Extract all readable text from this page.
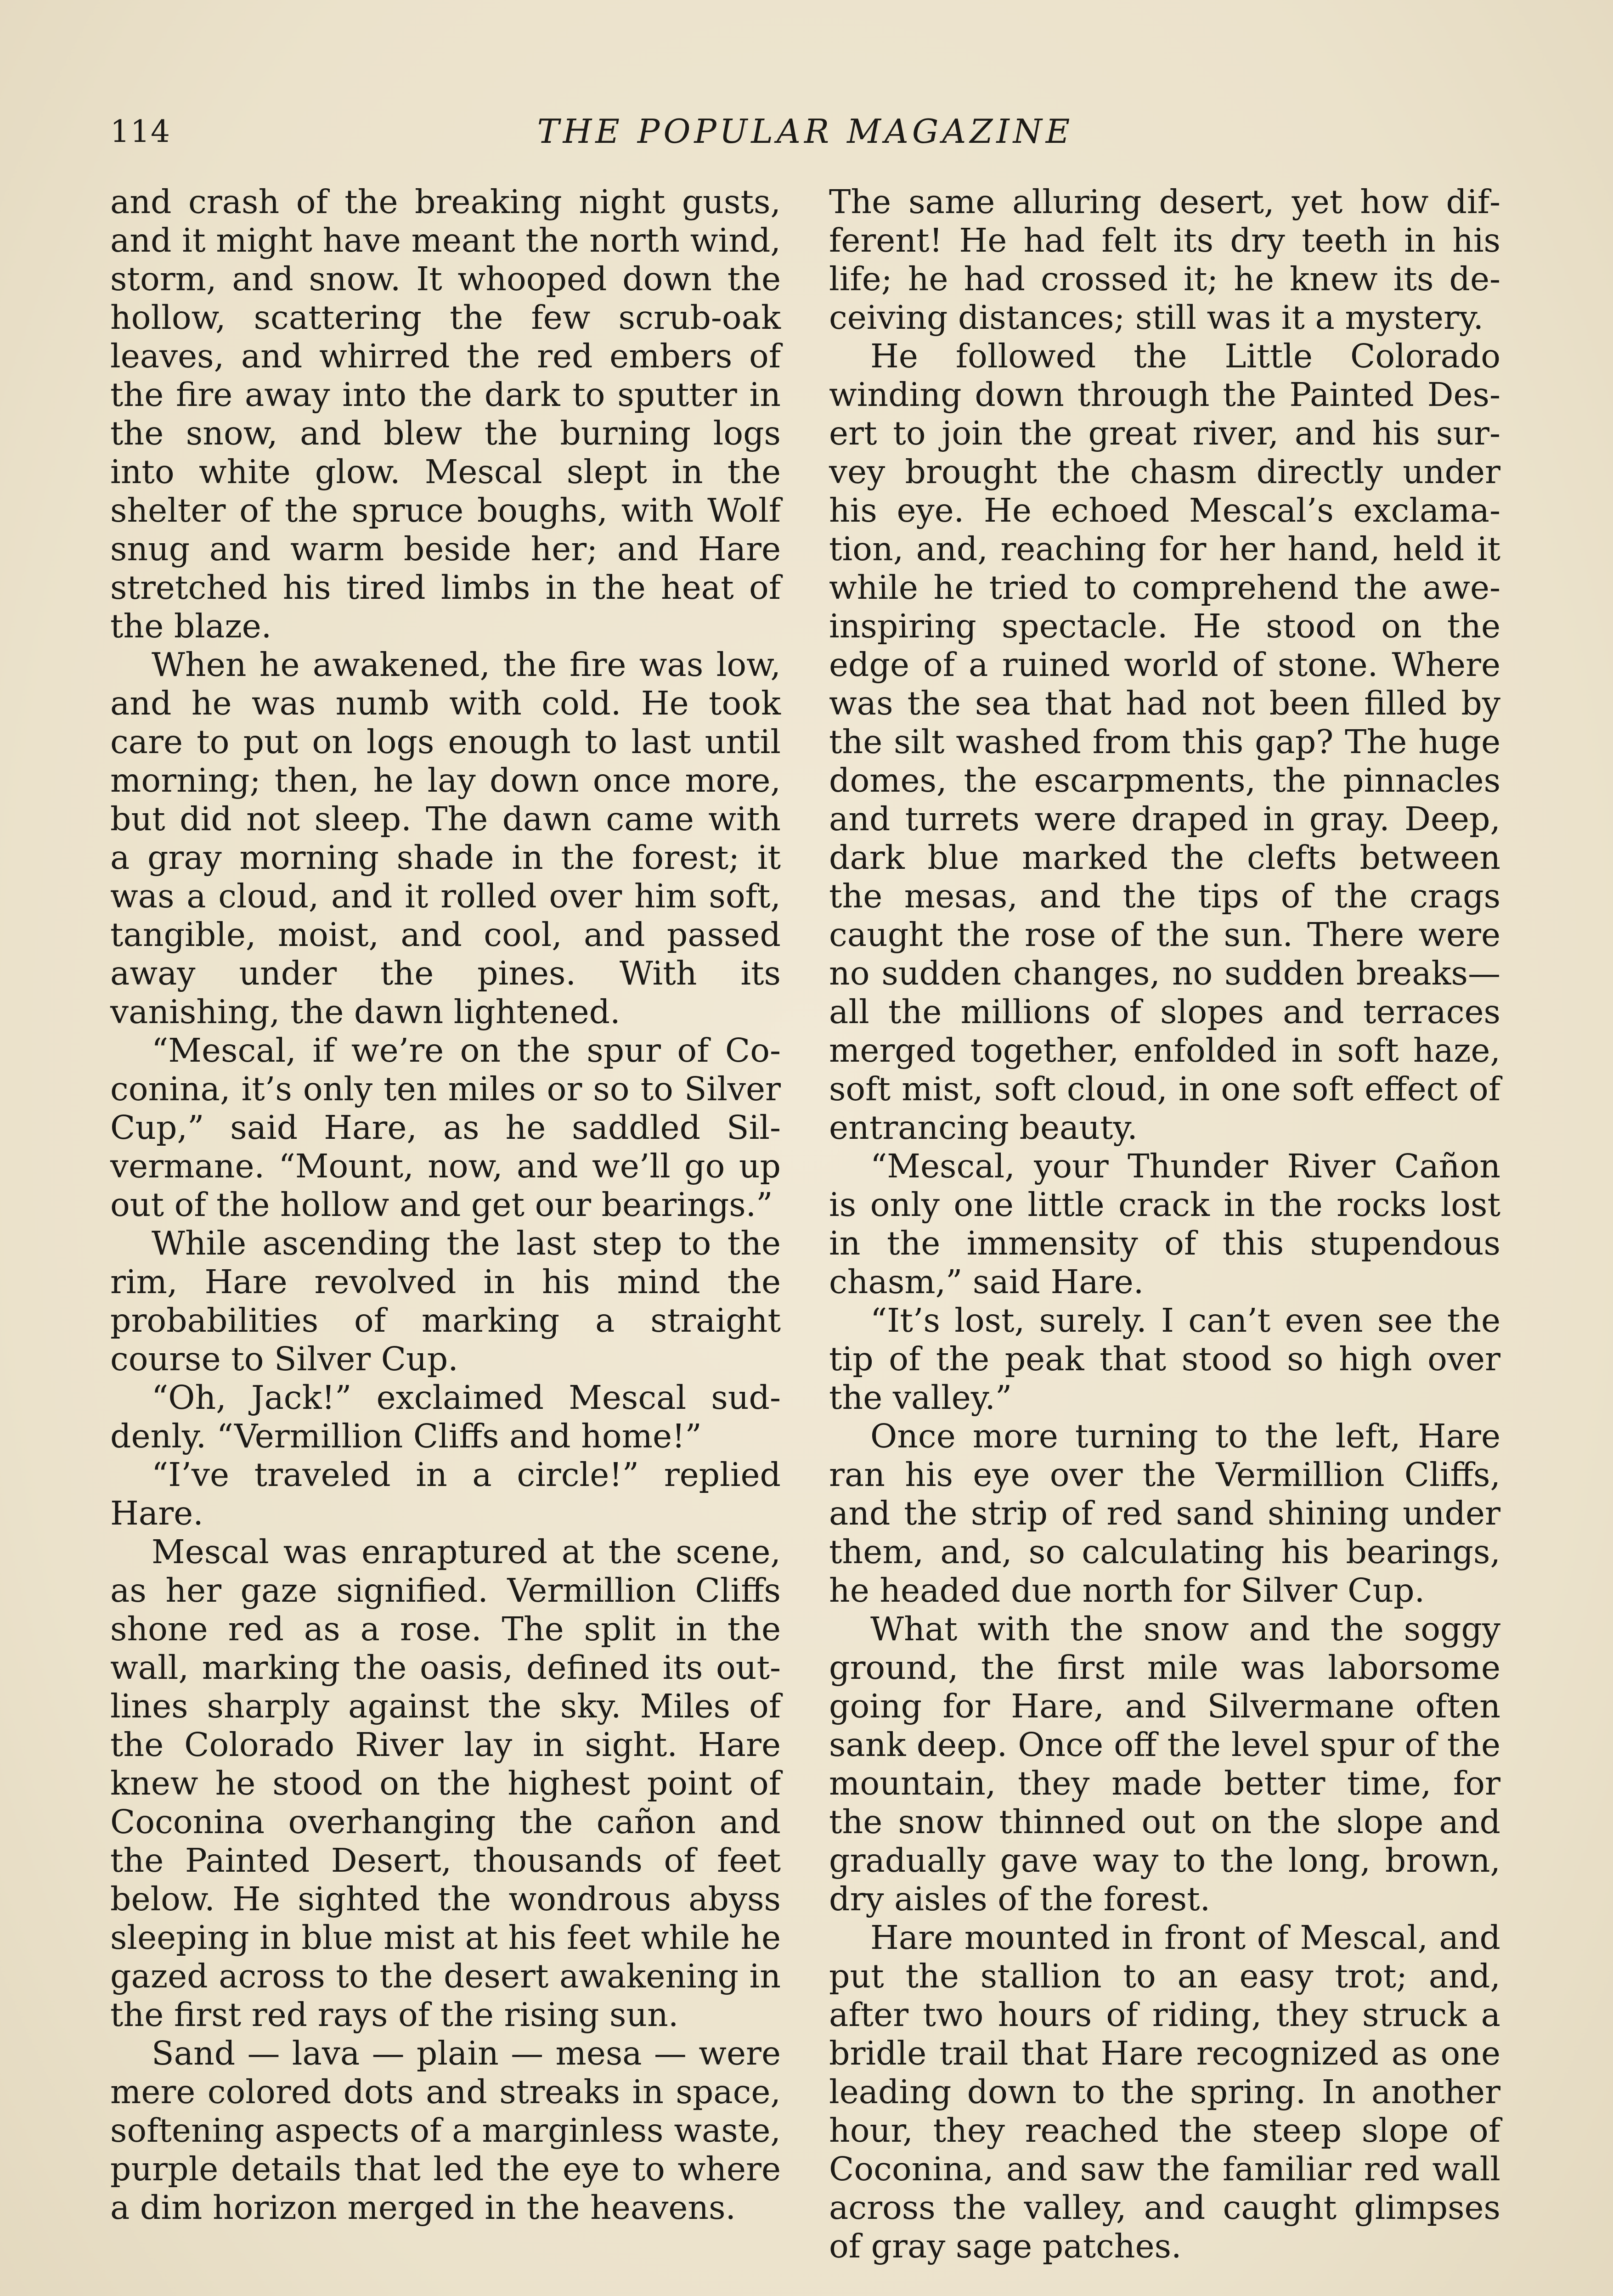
114	THE POPULAR MAGAZINE

and crash of the breaking night gusts, and it might have meant the north wind, storm, and snow. It whooped down the hollow, scattering the few scrub-oak leaves, and whirred the red embers of the fire away into the dark to sputter in the snow, and blew the burning logs into white glow. Mescal slept in the shelter of the spruce boughs, with Wolf snug and warm beside her; and Hare stretched his tired limbs in the heat of the blaze.

When he awakened, the fire was low, and he was numb with cold. He took care to put on logs enough to last until morning; then, he lay down once more, but did not sleep. The dawn came with a gray morning shade in the forest; it was a cloud, and it rolled over him soft, tangible, moist, and cool, and passed away under the pines. With its vanishing, the dawn lightened.

“Mescal, if we’re on the spur of Coconina, it’s only ten miles or so to Silver Cup,” said Hare, as he saddled Silvermane. “Mount, now, and we’ll go up out of the hollow and get our bearings.”

While ascending the last step to the rim, Hare revolved in his mind the probabilities of marking a straight course to Silver Cup.

“Oh, Jack!” exclaimed Mescal suddenly. “Vermillion Cliffs and home!”

“I’ve traveled in a circle!” replied Hare.

Mescal was enraptured at the scene, as her gaze signified. Vermillion Cliffs shone red as a rose. The split in the wall, marking the oasis, defined its outlines sharply against the sky. Miles of the Colorado River lay in sight. Hare knew he stood on the highest point of Coconina overhanging the cañon and the Painted Desert, thousands of feet below. He sighted the wondrous abyss sleeping in blue mist at his feet while he gazed across to the desert awakening in the first red rays of the rising sun.

Sand — lava — plain — mesa — were mere colored dots and streaks in space, softening aspects of a marginless waste, purple details that led the eye to where a dim horizon merged in the heavens.

The same alluring desert, yet how different! He had felt its dry teeth in his life; he had crossed it; he knew its deceiving distances; still was it a mystery.

He followed the Little Colorado winding down through the Painted Desert to join the great river, and his survey brought the chasm directly under his eye. He echoed Mescal’s exclamation, and, reaching for her hand, held it while he tried to comprehend the awe-inspiring spectacle. He stood on the edge of a ruined world of stone. Where was the sea that had not been filled by the silt washed from this gap? The huge domes, the escarpments, the pinnacles and turrets were draped in gray. Deep, dark blue marked the clefts between the mesas, and the tips of the crags caught the rose of the sun. There were no sudden changes, no sudden breaks—all the millions of slopes and terraces merged together, enfolded in soft haze, soft mist, soft cloud, in one soft effect of entrancing beauty.

“Mescal, your Thunder River Cañon is only one little crack in the rocks lost in the immensity of this stupendous chasm,” said Hare.

“It’s lost, surely. I can’t even see the tip of the peak that stood so high over the valley.”

Once more turning to the left, Hare ran his eye over the Vermillion Cliffs, and the strip of red sand shining under them, and, so calculating his bearings, he headed due north for Silver Cup.

What with the snow and the soggy ground, the first mile was laborsome going for Hare, and Silvermane often sank deep. Once off the level spur of the mountain, they made better time, for the snow thinned out on the slope and gradually gave way to the long, brown, dry aisles of the forest.

Hare mounted in front of Mescal, and put the stallion to an easy trot; and, after two hours of riding, they struck a bridle trail that Hare recognized as one leading down to the spring. In another hour, they reached the steep slope of Coconina, and saw the familiar red wall across the valley, and caught glimpses of gray sage patches.
